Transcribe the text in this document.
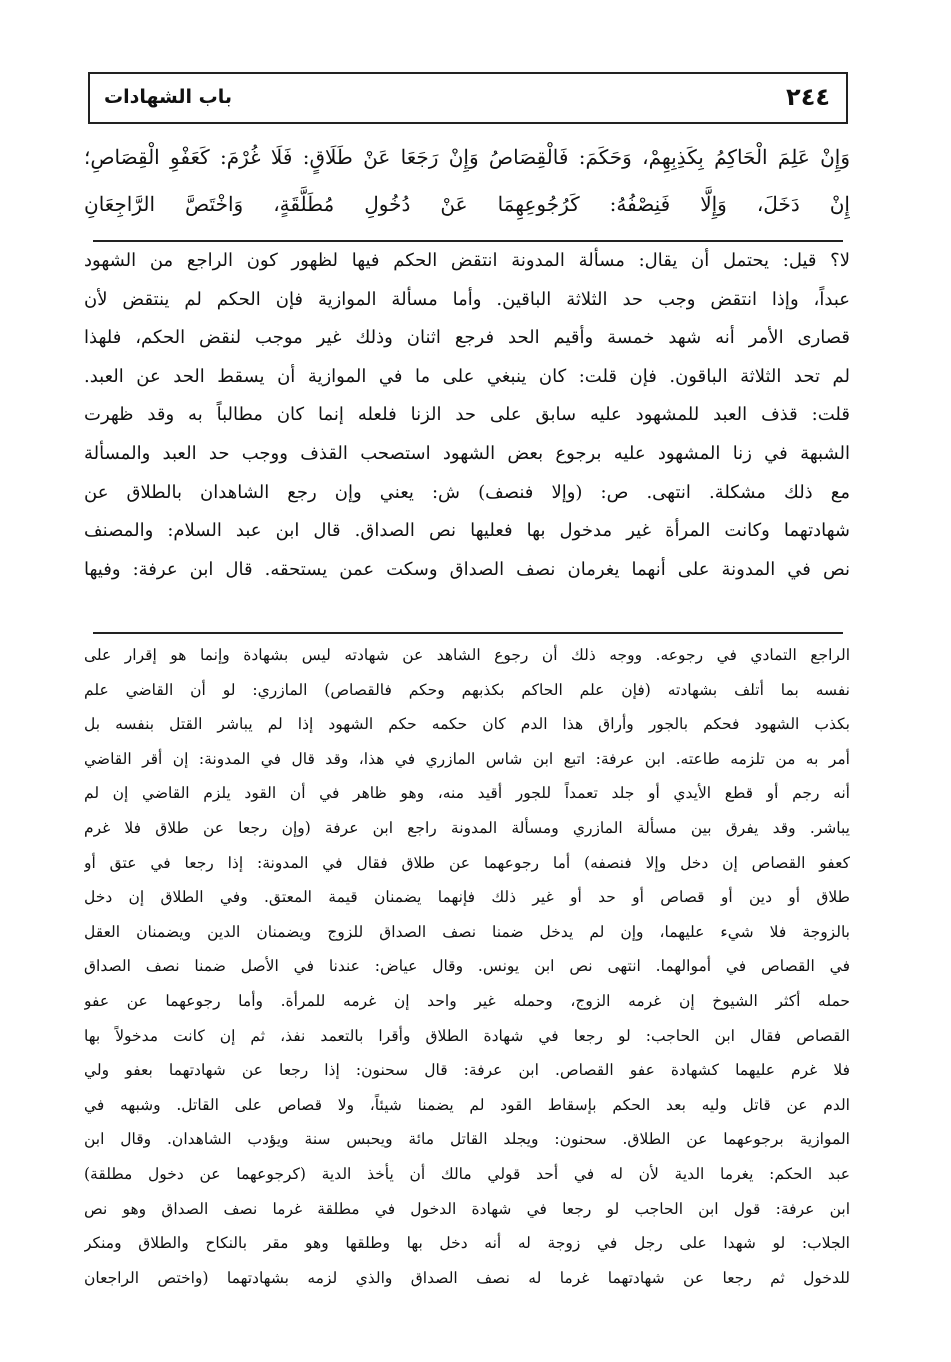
٢٤٤
باب الشهادات

وَإِنْ عَلِمَ الْحَاكِمُ بِكَذِبِهِمْ، وَحَكَمَ: فَالْقِصَاصُ وَإِنْ رَجَعَا عَنْ طَلَاقٍ: فَلَا غُرْمَ: كَعَفْوِ الْقِصَاصِ؛

إِنْ دَخَلَ، وَإِلَّا فَنِصْفُهُ: كَرُجُوعِهِمَا عَنْ دُخُولِ مُطَلَّقَةٍ، وَاخْتَصَّ الرَّاجِعَانِ

لا؟ قيل: يحتمل أن يقال: مسألة المدونة انتقض الحكم فيها لظهور كون الراجع من الشهود

عبداً، وإذا انتقض وجب حد الثلاثة الباقين. وأما مسألة الموازية فإن الحكم لم ينتقض لأن

قصارى الأمر أنه شهد خمسة وأقيم الحد فرجع اثنان وذلك غير موجب لنقض الحكم، فلهذا

لم تحد الثلاثة الباقون. فإن قلت: كان ينبغي على ما في الموازية أن يسقط الحد عن العبد.

قلت: قذف العبد للمشهود عليه سابق على حد الزنا فلعله إنما كان مطالباً به وقد ظهرت

الشبهة في زنا المشهود عليه برجوع بعض الشهود استصحب القذف ووجب حد العبد والمسألة

مع ذلك مشكلة. انتهى. ص: (وإلا فنصف) ش: يعني وإن رجع الشاهدان بالطلاق عن

شهادتهما وكانت المرأة غير مدخول بها فعليها نص الصداق. قال ابن عبد السلام: والمصنف

نص في المدونة على أنهما يغرمان نصف الصداق وسكت عمن يستحقه. قال ابن عرفة: وفيها

الراجع التمادي في رجوعه. ووجه ذلك أن رجوع الشاهد عن شهادته ليس بشهادة وإنما هو إقرار على

نفسه بما أتلف بشهادته (فإن علم الحاكم بكذبهم وحكم فالقصاص) المازري: لو أن القاضي علم

بكذب الشهود فحكم بالجور وأراق هذا الدم كان حكمه حكم الشهود إذا لم يباشر القتل بنفسه بل

أمر به من تلزمه طاعته. ابن عرفة: اتبع ابن شاس المازري في هذا، وقد قال في المدونة: إن أقر القاضي

أنه رجم أو قطع الأيدي أو جلد تعمداً للجور أقيد منه، وهو ظاهر في أن القود يلزم القاضي إن لم

يباشر. وقد يفرق بين مسألة المازري ومسألة المدونة راجع ابن عرفة (وإن رجعا عن طلاق فلا غرم

كعفو القصاص إن دخل وإلا فنصفه) أما رجوعهما عن طلاق فقال في المدونة: إذا رجعا في عتق أو

طلاق أو دين أو قصاص أو حد أو غير ذلك فإنهما يضمنان قيمة المعتق. وفي الطلاق إن دخل

بالزوجة فلا شيء عليهما، وإن لم يدخل ضمنا نصف الصداق للزوج ويضمنان الدين ويضمنان العقل

في القصاص في أموالهما. انتهى نص ابن يونس. وقال عياض: عندنا في الأصل ضمنا نصف الصداق

حمله أكثر الشيوخ إن غرمه الزوج، وحمله غير واحد إن غرمه للمرأة. وأما رجوعهما عن عفو

القصاص فقال ابن الحاجب: لو رجعا في شهادة الطلاق وأقرا بالتعمد نفذ، ثم إن كانت مدخولاً بها

فلا غرم عليهما كشهادة عفو القصاص. ابن عرفة: قال سحنون: إذا رجعا عن شهادتهما بعفو ولي

الدم عن قاتل وليه بعد الحكم بإسقاط القود لم يضمنا شيئاً، ولا قصاص على القاتل. وشبهه في

الموازية برجوعهما عن الطلاق. سحنون: ويجلد القاتل مائة ويحبس سنة ويؤدب الشاهدان. وقال ابن

عبد الحكم: يغرما الدية لأن له في أحد قولي مالك أن يأخذ الدية (كرجوعهما عن دخول مطلقة)

ابن عرفة: قول ابن الحاجب لو رجعا في شهادة الدخول في مطلقة غرما نصف الصداق وهو نص

الجلاب: لو شهدا على رجل في زوجة له أنه دخل بها وطلقها وهو مقر بالنكاح والطلاق ومنكر

للدخول ثم رجعا عن شهادتهما غرما له نصف الصداق والذي لزمه بشهادتهما (واختص الراجعان
